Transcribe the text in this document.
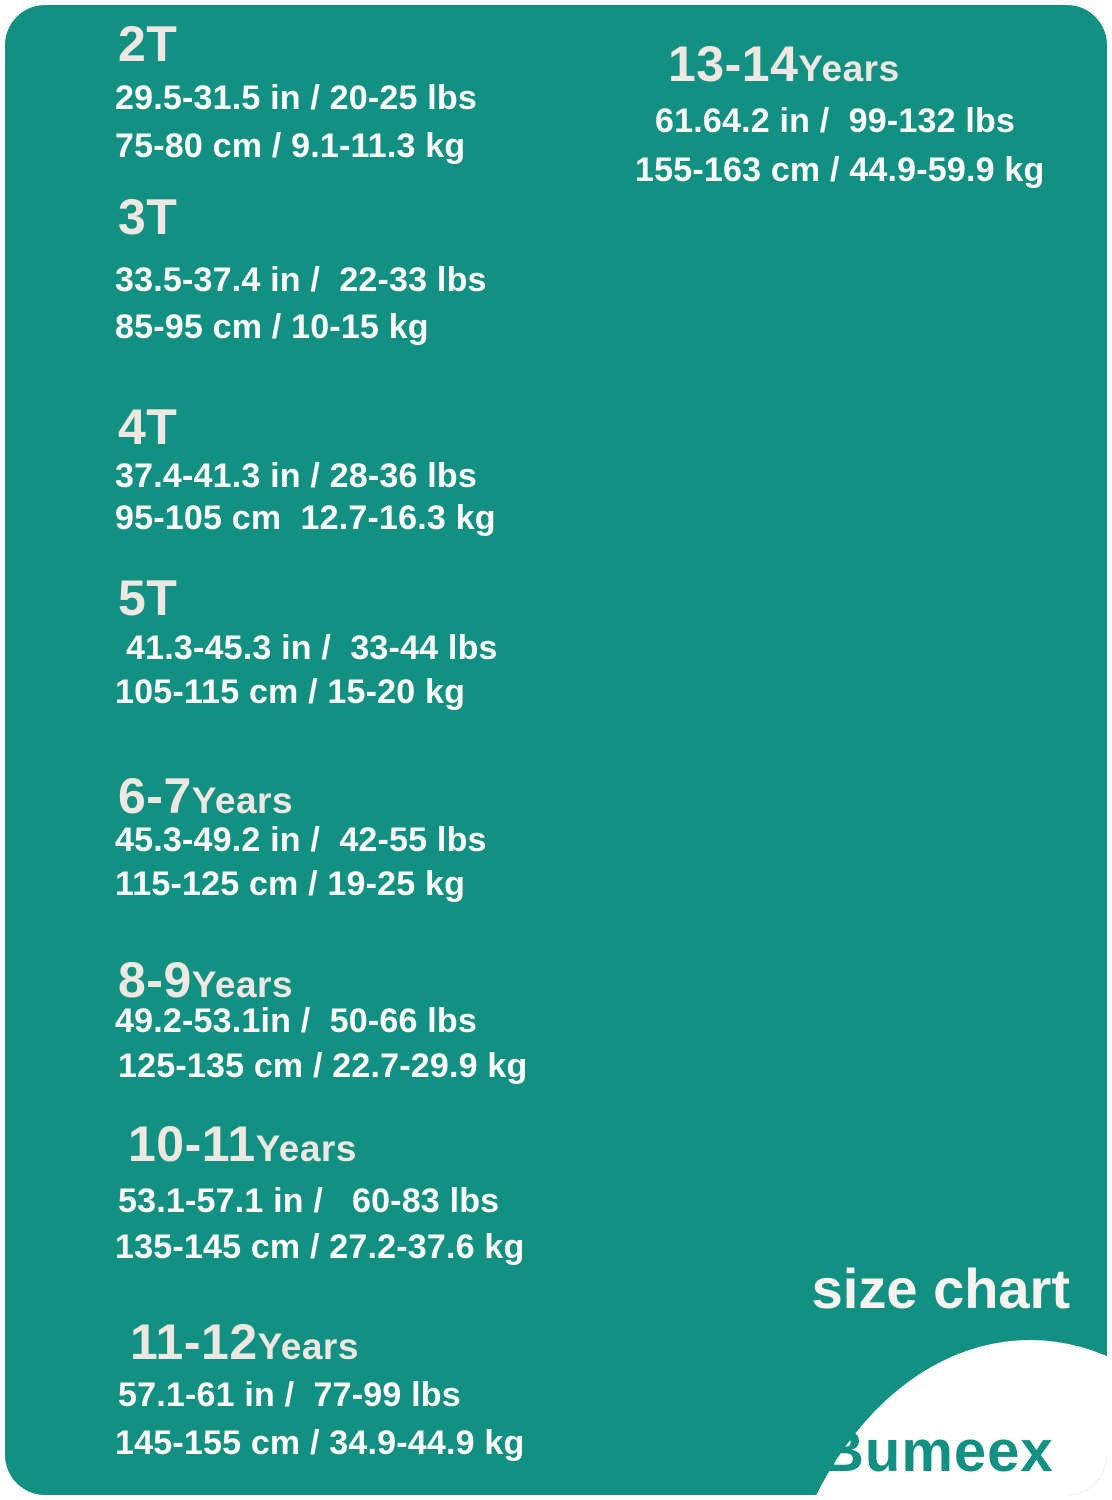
2T
29.5-31.5 in / 20-25 lbs
75-80 cm / 9.1-11.3 kg
3T
33.5-37.4 in /  22-33 lbs
85-95 cm / 10-15 kg
4T
37.4-41.3 in / 28-36 lbs
95-105 cm  12.7-16.3 kg
5T
41.3-45.3 in /  33-44 lbs
105-115 cm / 15-20 kg
6-7Years
45.3-49.2 in /  42-55 lbs
115-125 cm / 19-25 kg
8-9Years
49.2-53.1in /  50-66 lbs
125-135 cm / 22.7-29.9 kg
10-11Years
53.1-57.1 in /   60-83 lbs
135-145 cm / 27.2-37.6 kg
11-12Years
57.1-61 in /  77-99 lbs
145-155 cm / 34.9-44.9 kg
13-14Years
61.64.2 in /  99-132 lbs
155-163 cm / 44.9-59.9 kg
size chart
Bumeex
